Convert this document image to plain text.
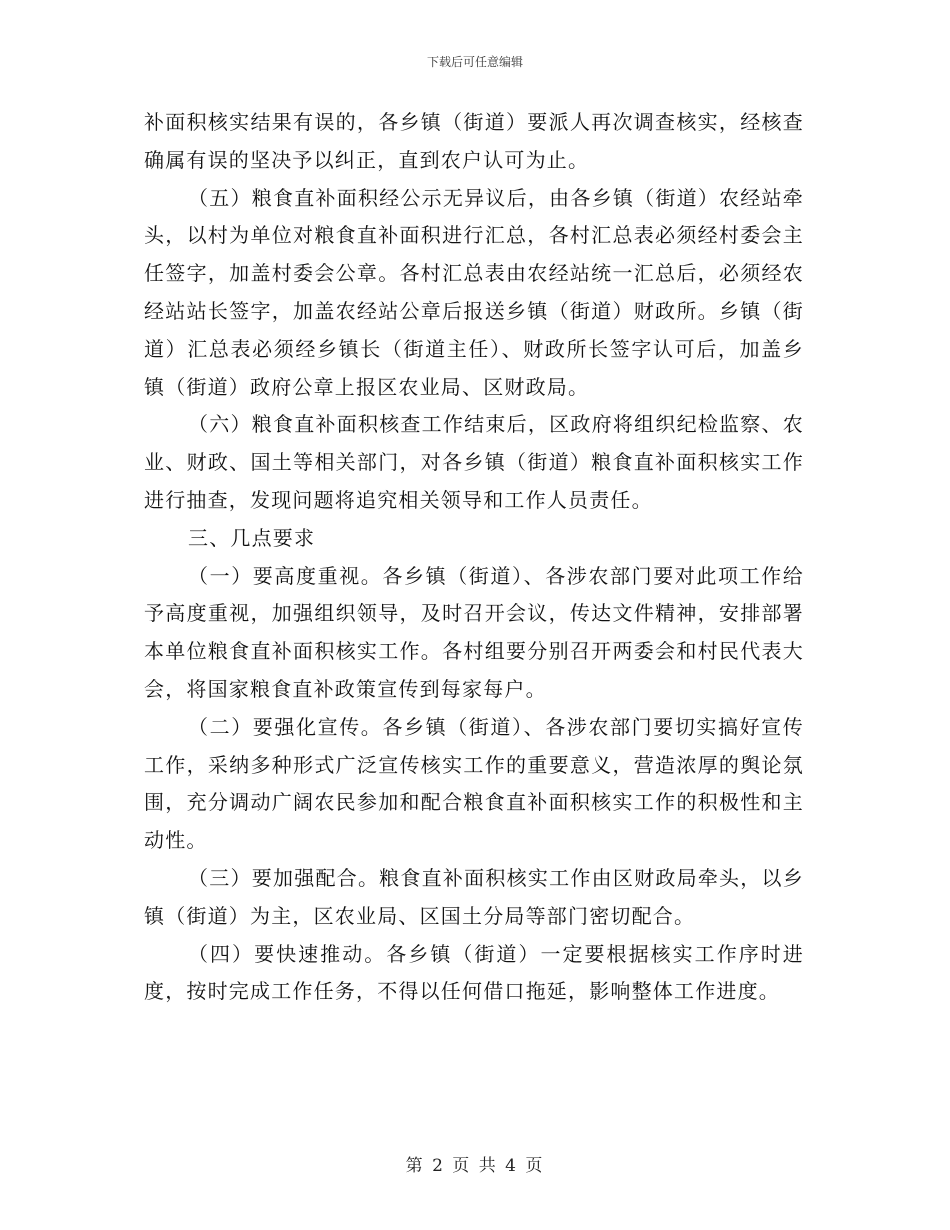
下载后可任意编辑

补面积核实结果有误的，各乡镇（街道）要派人再次调查核实，经核查确属有误的坚决予以纠正，直到农户认可为止。

（五）粮食直补面积经公示无异议后，由各乡镇（街道）农经站牵头，以村为单位对粮食直补面积进行汇总，各村汇总表必须经村委会主任签字，加盖村委会公章。各村汇总表由农经站统一汇总后，必须经农经站站长签字，加盖农经站公章后报送乡镇（街道）财政所。乡镇（街道）汇总表必须经乡镇长（街道主任）、财政所长签字认可后，加盖乡镇（街道）政府公章上报区农业局、区财政局。

（六）粮食直补面积核查工作结束后，区政府将组织纪检监察、农业、财政、国土等相关部门，对各乡镇（街道）粮食直补面积核实工作进行抽查，发现问题将追究相关领导和工作人员责任。

三、几点要求

（一）要高度重视。各乡镇（街道）、各涉农部门要对此项工作给予高度重视，加强组织领导，及时召开会议，传达文件精神，安排部署本单位粮食直补面积核实工作。各村组要分别召开两委会和村民代表大会，将国家粮食直补政策宣传到每家每户。

（二）要强化宣传。各乡镇（街道）、各涉农部门要切实搞好宣传工作，采纳多种形式广泛宣传核实工作的重要意义，营造浓厚的舆论氛围，充分调动广阔农民参加和配合粮食直补面积核实工作的积极性和主动性。

（三）要加强配合。粮食直补面积核实工作由区财政局牵头，以乡镇（街道）为主，区农业局、区国土分局等部门密切配合。

（四）要快速推动。各乡镇（街道）一定要根据核实工作序时进度，按时完成工作任务，不得以任何借口拖延，影响整体工作进度。

第 2 页 共 4 页
